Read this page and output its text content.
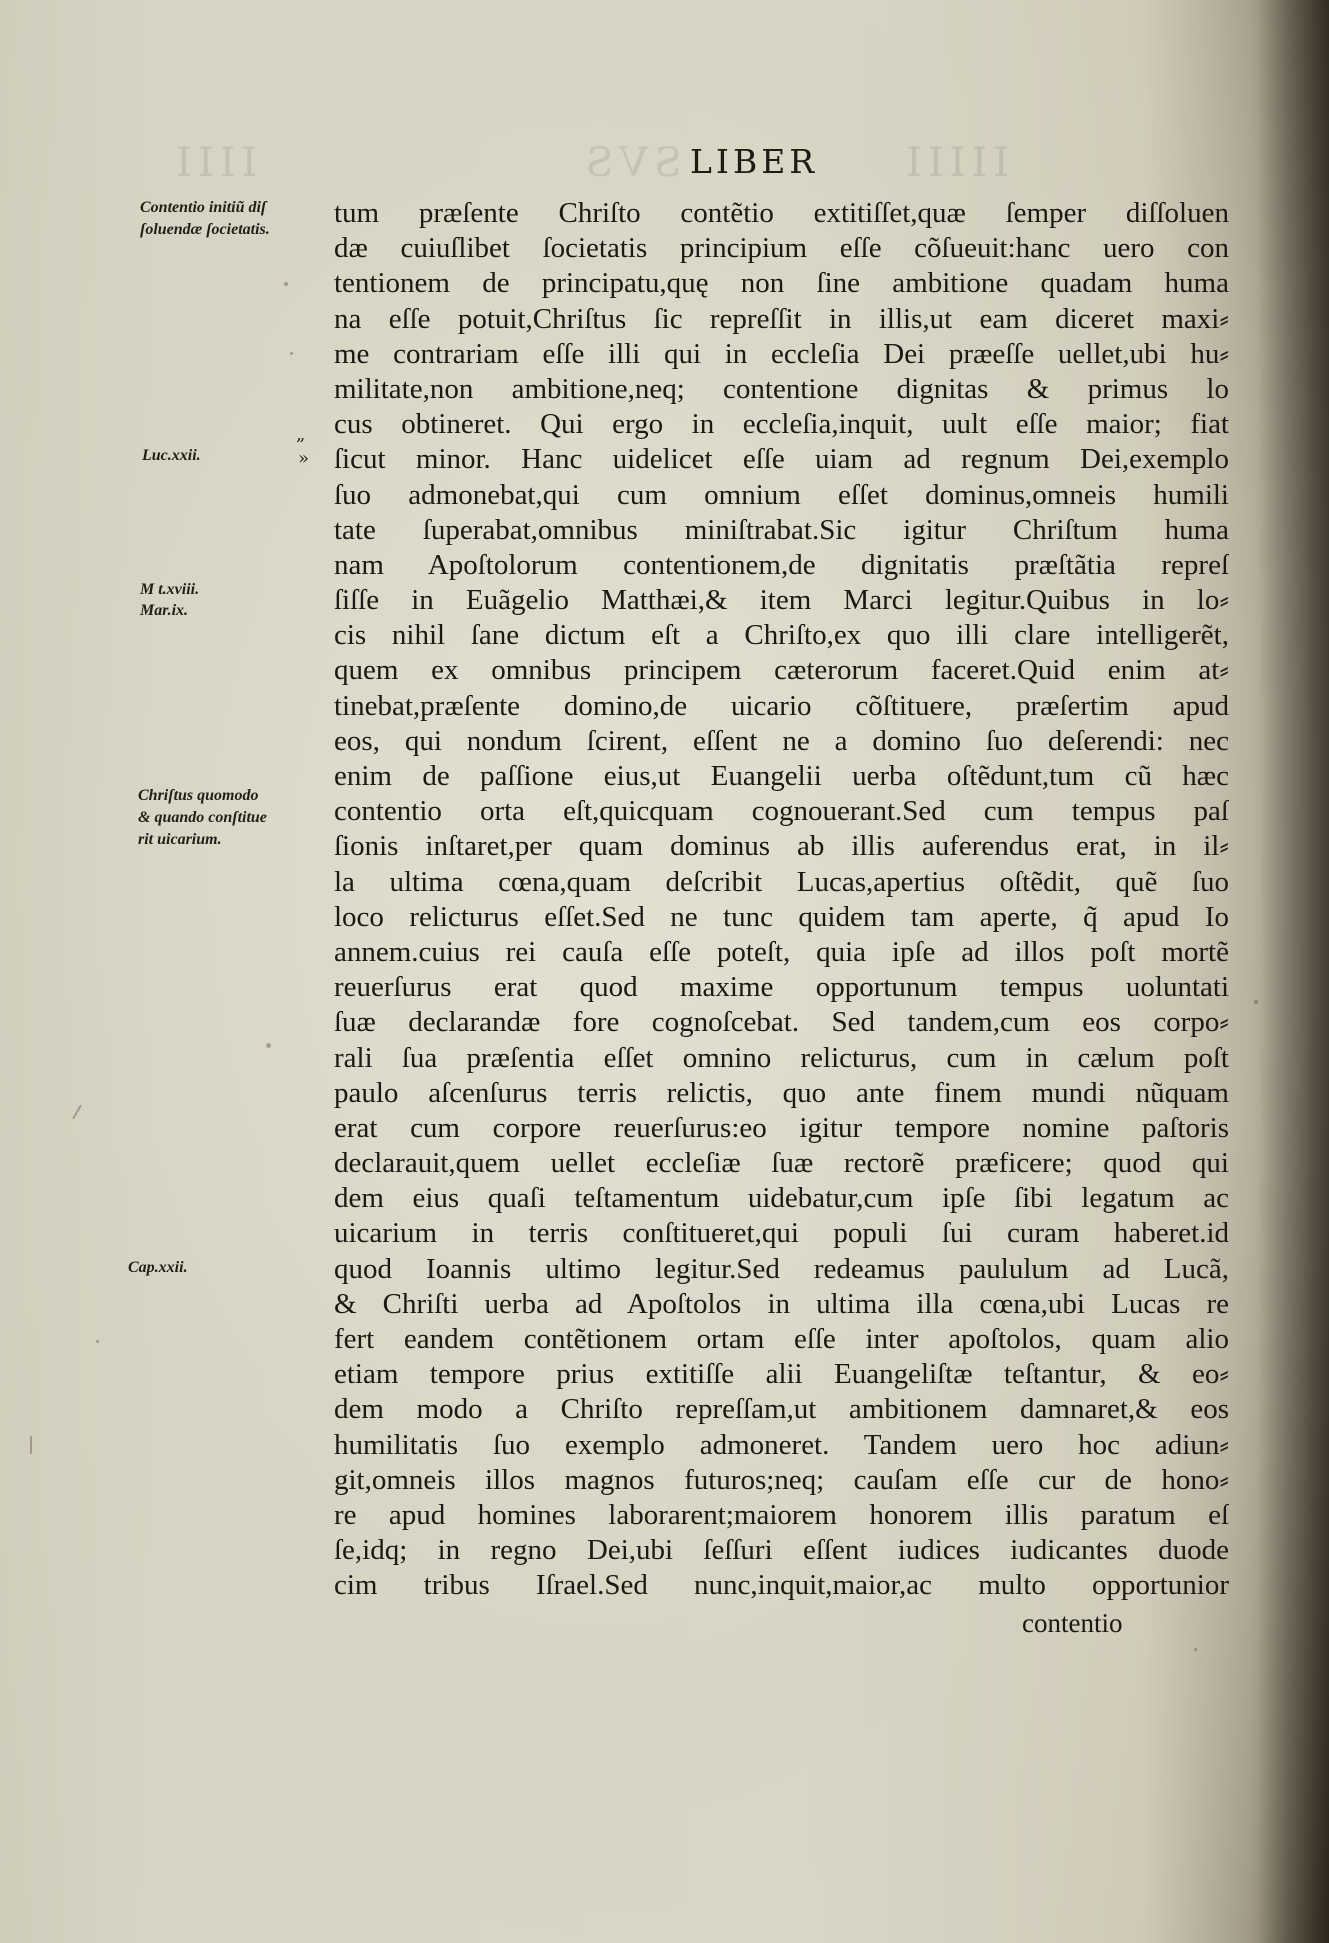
IIII	SVS	IIIII
LIBER
Contentio initiũ diſ
ſoluendæ ſocietatis.
Luc.xxii.
M t.xviii.
Mar.ix.
Chriſtus quomodo
& quando conſtitue
rit uicarium.
Cap.xxii.
„
»
tum præſente Chriſto contẽtio extitiſſet,quæ ſemper diſſoluen
dæ cuiuſlibet ſocietatis principium eſſe cõſueuit:hanc uero con
tentionem de principatu,quę non ſine ambitione quadam huma
na eſſe potuit,Chriſtus ſic repreſſit in illis,ut eam diceret maxi⸗
me contrariam eſſe illi qui in eccleſia Dei præeſſe uellet,ubi hu⸗
militate,non ambitione,neq; contentione dignitas & primus lo
cus obtineret. Qui ergo in eccleſia,inquit, uult eſſe maior; fiat
ſicut minor. Hanc uidelicet eſſe uiam ad regnum Dei,exemplo
ſuo admonebat,qui cum omnium eſſet dominus,omneis humili
tate ſuperabat,omnibus miniſtrabat.Sic igitur Chriſtum huma
nam Apoſtolorum contentionem,de dignitatis præſtãtia repreſ
ſiſſe in Euãgelio Matthæi,& item Marci legitur.Quibus in lo⸗
cis nihil ſane dictum eſt a Chriſto,ex quo illi clare intelligerẽt,
quem ex omnibus principem cæterorum faceret.Quid enim at⸗
tinebat,præſente domino,de uicario cõſtituere, præſertim apud
eos, qui nondum ſcirent, eſſent ne a domino ſuo deſerendi: nec
enim de paſſione eius,ut Euangelii uerba oſtẽdunt,tum cũ hæc
contentio orta eſt,quicquam cognouerant.Sed cum tempus paſ
ſionis inſtaret,per quam dominus ab illis auferendus erat, in il⸗
la ultima cœna,quam deſcribit Lucas,apertius oſtẽdit, quẽ ſuo
loco relicturus eſſet.Sed ne tunc quidem tam aperte, q̃ apud Io
annem.cuius rei cauſa eſſe poteſt, quia ipſe ad illos poſt mortẽ
reuerſurus erat quod maxime opportunum tempus uoluntati
ſuæ declarandæ fore cognoſcebat. Sed tandem,cum eos corpo⸗
rali ſua præſentia eſſet omnino relicturus, cum in cælum poſt
paulo aſcenſurus terris relictis, quo ante finem mundi nũquam
erat cum corpore reuerſurus:eo igitur tempore nomine paſtoris
declarauit,quem uellet eccleſiæ ſuæ rectorẽ præficere; quod qui
dem eius quaſi teſtamentum uidebatur,cum ipſe ſibi legatum ac
uicarium in terris conſtitueret,qui populi ſui curam haberet.id
quod Ioannis ultimo legitur.Sed redeamus paululum ad Lucã,
& Chriſti uerba ad Apoſtolos in ultima illa cœna,ubi Lucas re
fert eandem contẽtionem ortam eſſe inter apoſtolos, quam alio
etiam tempore prius extitiſſe alii Euangeliſtæ teſtantur, & eo⸗
dem modo a Chriſto repreſſam,ut ambitionem damnaret,& eos
humilitatis ſuo exemplo admoneret. Tandem uero hoc adiun⸗
git,omneis illos magnos futuros;neq; cauſam eſſe cur de hono⸗
re apud homines laborarent;maiorem honorem illis paratum eſ
ſe,idq; in regno Dei,ubi ſeſſuri eſſent iudices iudicantes duode
cim tribus Iſrael.Sed nunc,inquit,maior,ac multo opportunior
contentio
